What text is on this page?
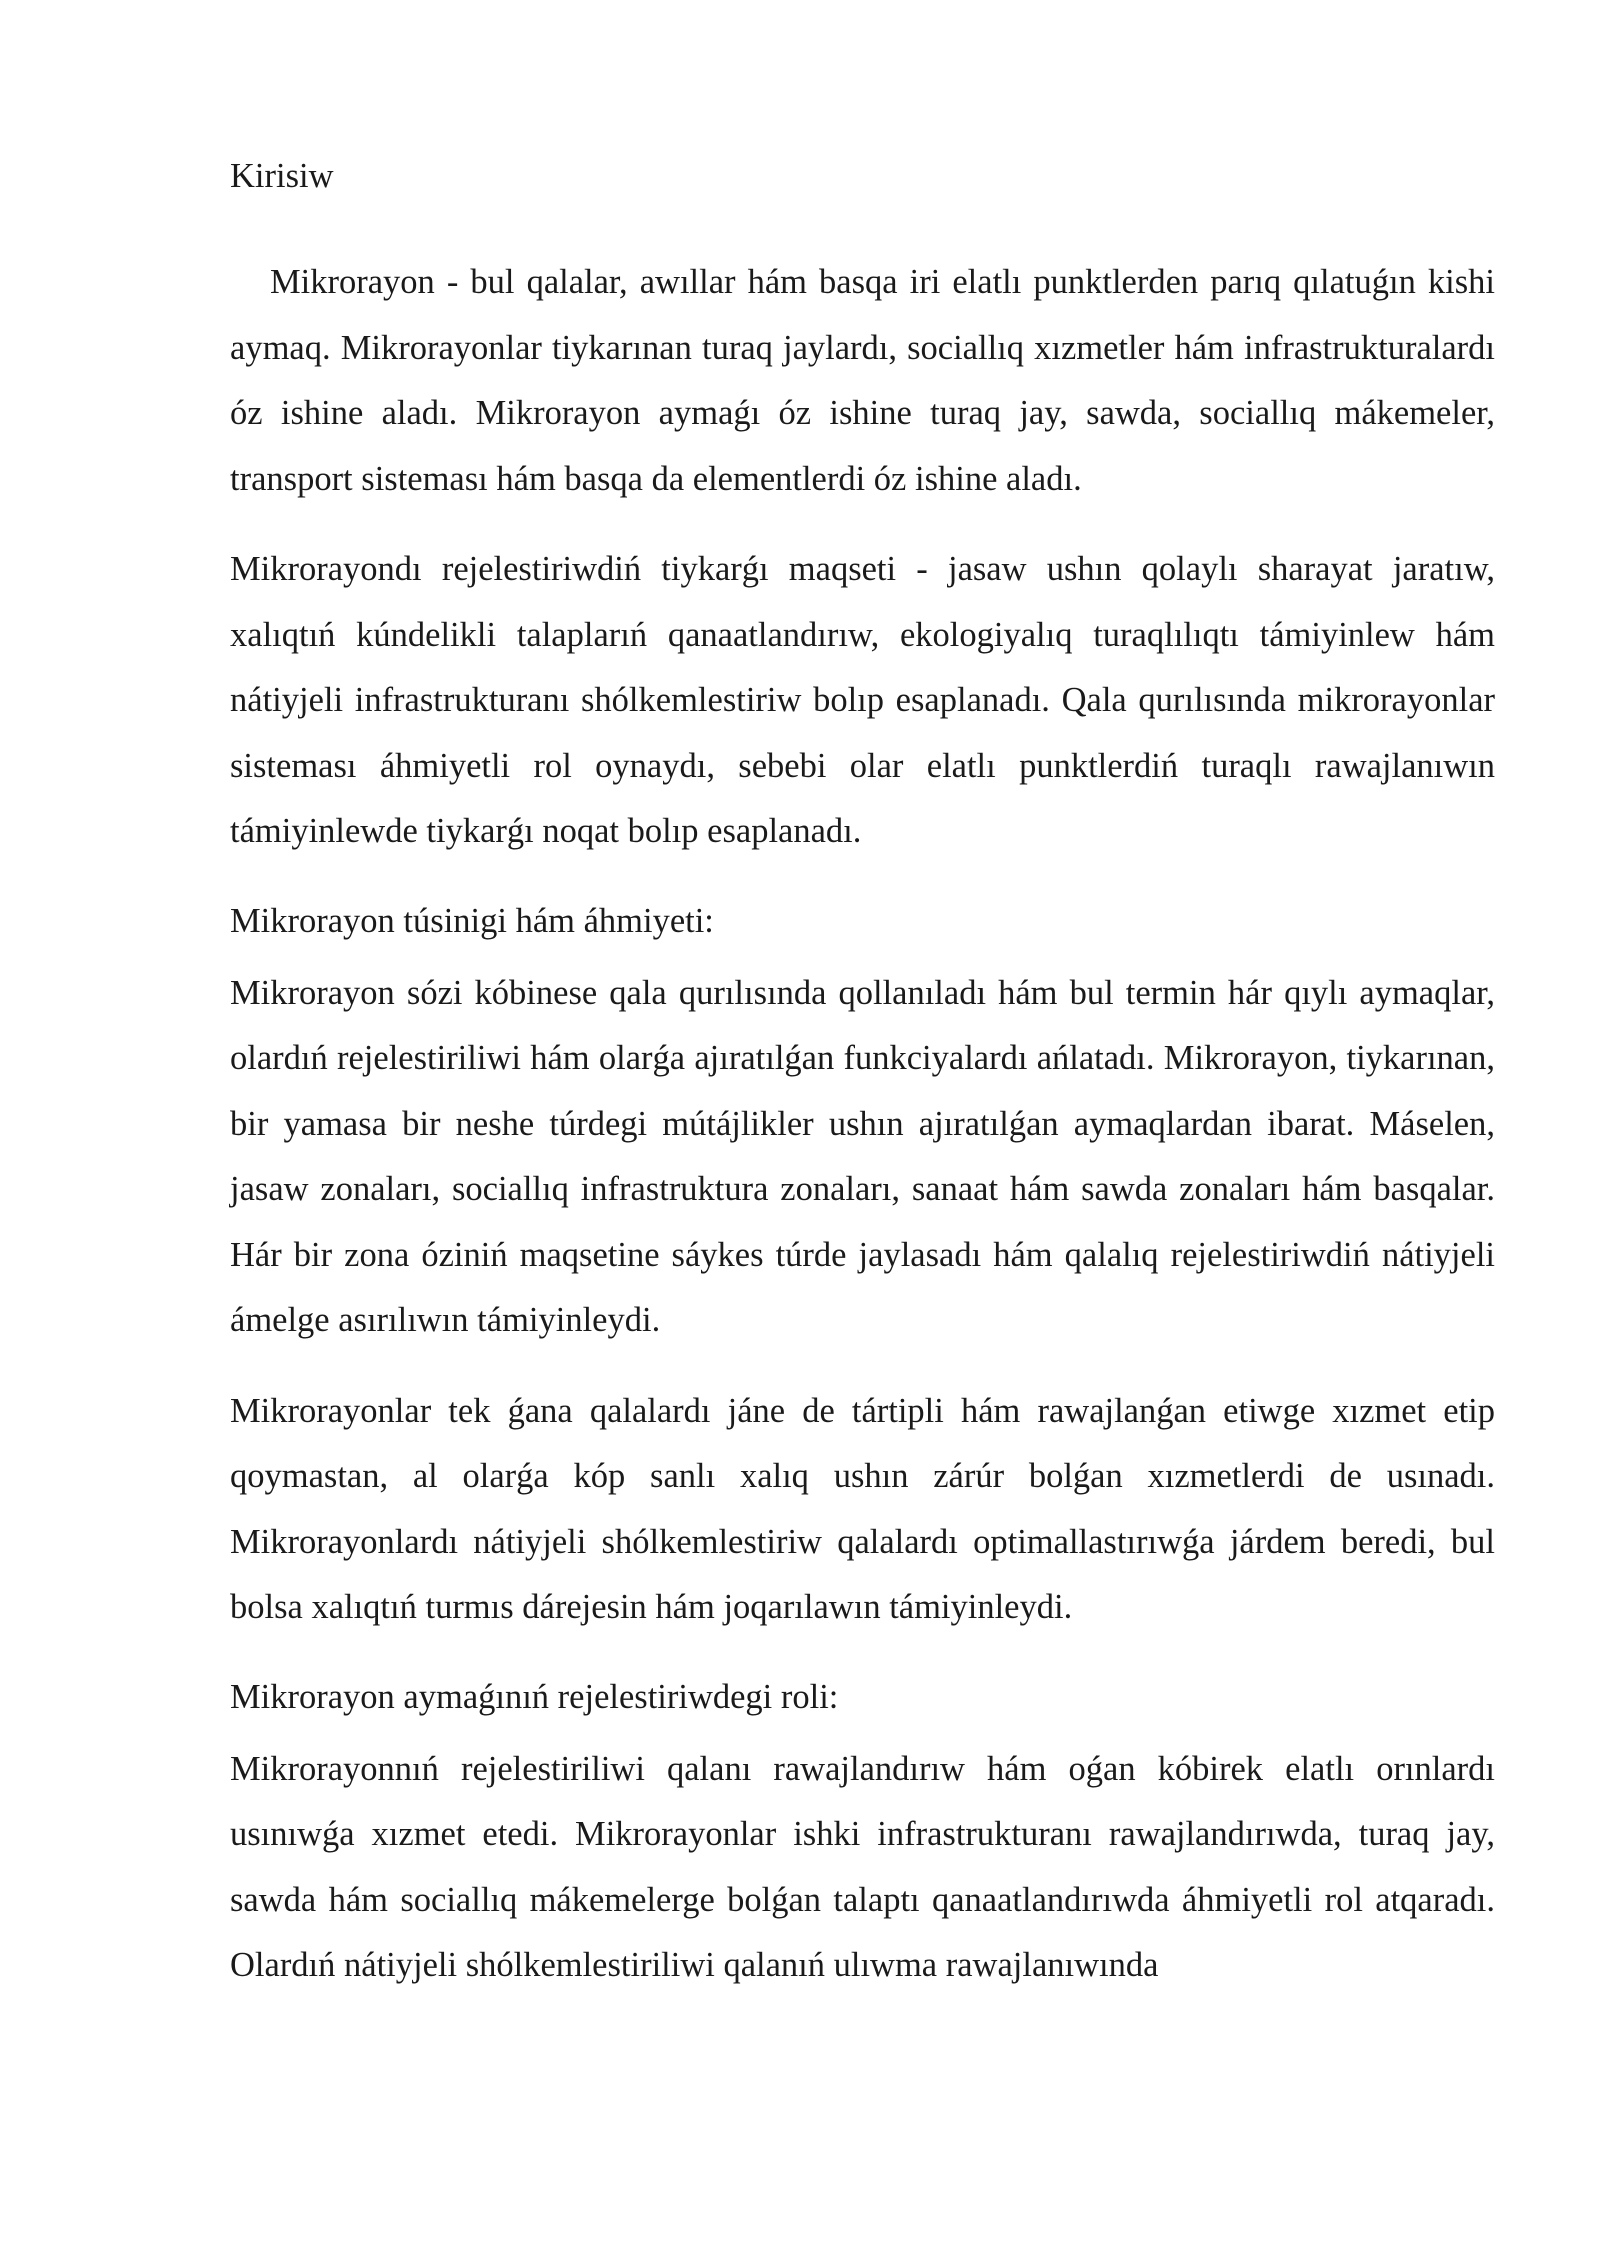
Kirisiw

Mikrorayon - bul qalalar, awıllar hám basqa iri elatlı punktlerden parıq qılatuǵın kishi aymaq. Mikrorayonlar tiykarınan turaq jaylardı, sociallıq xızmetler hám infrastrukturalardı óz ishine aladı. Mikrorayon aymaǵı óz ishine turaq jay, sawda, sociallıq mákemeler, transport sisteması hám basqa da elementlerdi óz ishine aladı.

Mikrorayondı rejelestiriwdiń tiykarǵı maqseti - jasaw ushın qolaylı sharayat jaratıw, xalıqtıń kúndelikli talaplarıń qanaatlandırıw, ekologiyalıq turaqlılıqtı támiyinlew hám nátiyjeli infrastrukturanı shólkemlestiriw bolıp esaplanadı. Qala qurılısında mikrorayonlar sisteması áhmiyetli rol oynaydı, sebebi olar elatlı punktlerdiń turaqlı rawajlanıwın támiyinlewde tiykarǵı noqat bolıp esaplanadı.

Mikrorayon túsinigi hám áhmiyeti:

Mikrorayon sózi kóbinese qala qurılısında qollanıladı hám bul termin hár qıylı aymaqlar, olardıń rejelestiriliwi hám olarǵa ajıratılǵan funkciyalardı ańlatadı. Mikrorayon, tiykarınan, bir yamasa bir neshe túrdegi mútájlikler ushın ajıratılǵan aymaqlardan ibarat. Máselen, jasaw zonaları, sociallıq infrastruktura zonaları, sanaat hám sawda zonaları hám basqalar. Hár bir zona óziniń maqsetine sáykes túrde jaylasadı hám qalalıq rejelestiriwdiń nátiyjeli ámelge asırılıwın támiyinleydi.

Mikrorayonlar tek ǵana qalalardı jáne de tártipli hám rawajlanǵan etiwge xızmet etip qoymastan, al olarǵa kóp sanlı xalıq ushın zárúr bolǵan xızmetlerdi de usınadı. Mikrorayonlardı nátiyjeli shólkemlestiriw qalalardı optimallastırıwǵa járdem beredi, bul bolsa xalıqtıń turmıs dárejesin hám joqarılawın támiyinleydi.

Mikrorayon aymaǵınıń rejelestiriwdegi roli:

Mikrorayonnıń rejelestiriliwi qalanı rawajlandırıw hám oǵan kóbirek elatlı orınlardı usınıwǵa xızmet etedi. Mikrorayonlar ishki infrastrukturanı rawajlandırıwda, turaq jay, sawda hám sociallıq mákemelerge bolǵan talaptı qanaatlandırıwda áhmiyetli rol atqaradı. Olardıń nátiyjeli shólkemlestiriliwi qalanıń ulıwma rawajlanıwında
